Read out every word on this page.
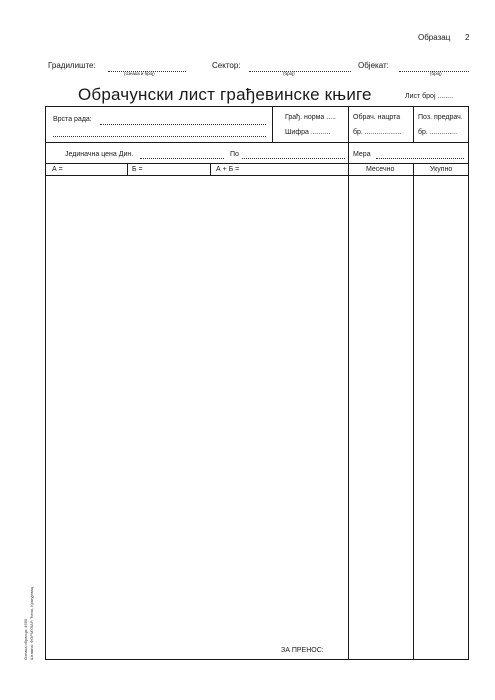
Образац 2
Градилиште:
(ознака и број)
Сектор:
(број)
Објекат:
(број)
Обрачунски лист грађевинске књиге	Лист број ........
Врста рада:	Грађ. норма .....
Шифра ..........
Обрач. нацрта
бр. ...................
Поз. предрач.
бр. ..............
Јединачна цена Дин.	По	Мера
А =	Б =	А + Б =	Месечно	Укупно
ЗА ПРЕНОС:
Ознака обрасца: 4650 Штампа: ФОРМУЛАР, Ћепа, Крагујевац
